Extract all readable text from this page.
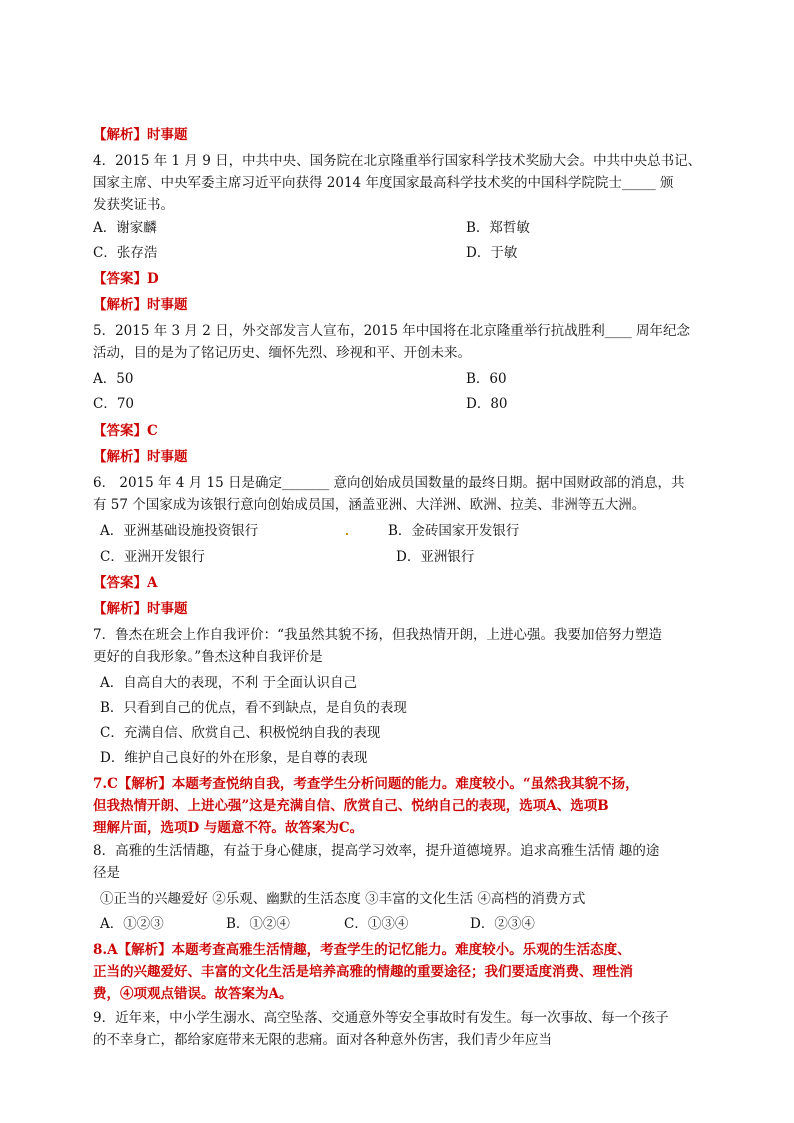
【解析】时事题
4．2015 年 1 月 9 日，中共中央、国务院在北京隆重举行国家科学技术奖励大会。中共中央总书记、
国家主席、中央军委主席习近平向获得 2014 年度国家最高科学技术奖的中国科学院院士_____ 颁
发获奖证书。
A．谢家麟	B．郑哲敏
C．张存浩	D．于敏
【答案】D
【解析】时事题
5．2015 年 3 月 2 日，外交部发言人宣布，2015 年中国将在北京隆重举行抗战胜利____ 周年纪念
活动，目的是为了铭记历史、缅怀先烈、珍视和平、开创未来。
A．50	B．60
C．70	D．80
【答案】C
【解析】时事题
6． 2015 年 4 月 15 日是确定_______ 意向创始成员国数量的最终日期。据中国财政部的消息，共
有 57 个国家成为该银行意向创始成员国，涵盖亚洲、大洋洲、欧洲、拉美、非洲等五大洲。
A．亚洲基础设施投资银行	B．金砖国家开发银行
C．亚洲开发银行	D．亚洲银行
【答案】A
【解析】时事题
7．鲁杰在班会上作自我评价：“我虽然其貌不扬，但我热情开朗，上进心强。我要加倍努力塑造
更好的自我形象。”鲁杰这种自我评价是
A．自高自大的表现，不利 于全面认识自己
B．只看到自己的优点，看不到缺点，是自负的表现
C．充满自信、欣赏自己、积极悦纳自我的表现
D．维护自己良好的外在形象，是自尊的表现
7.C【解析】本题考查悦纳自我，考查学生分析问题的能力。难度较小。“虽然我其貌不扬，
但我热情开朗、上进心强”这是充满自信、欣赏自己、悦纳自己的表现，选项A、选项B
理解片面，选项D 与题意不符。故答案为C。
8．高雅的生活情趣，有益于身心健康，提高学习效率，提升道德境界。追求高雅生活情 趣的途
径是
①正当的兴趣爱好 ②乐观、幽默的生活态度 ③丰富的文化生活 ④高档的消费方式
A．①②③	B．①②④	C．①③④	D．②③④
8.A【解析】本题考查高雅生活情趣，考查学生的记忆能力。难度较小。乐观的生活态度、
正当的兴趣爱好、丰富的文化生活是培养高雅的情趣的重要途径；我们要适度消费、理性消
费，④项观点错误。故答案为A。
9．近年来，中小学生溺水、高空坠落、交通意外等安全事故时有发生。每一次事故、每一个孩子
的不幸身亡，都给家庭带来无限的悲痛。面对各种意外伤害，我们青少年应当
